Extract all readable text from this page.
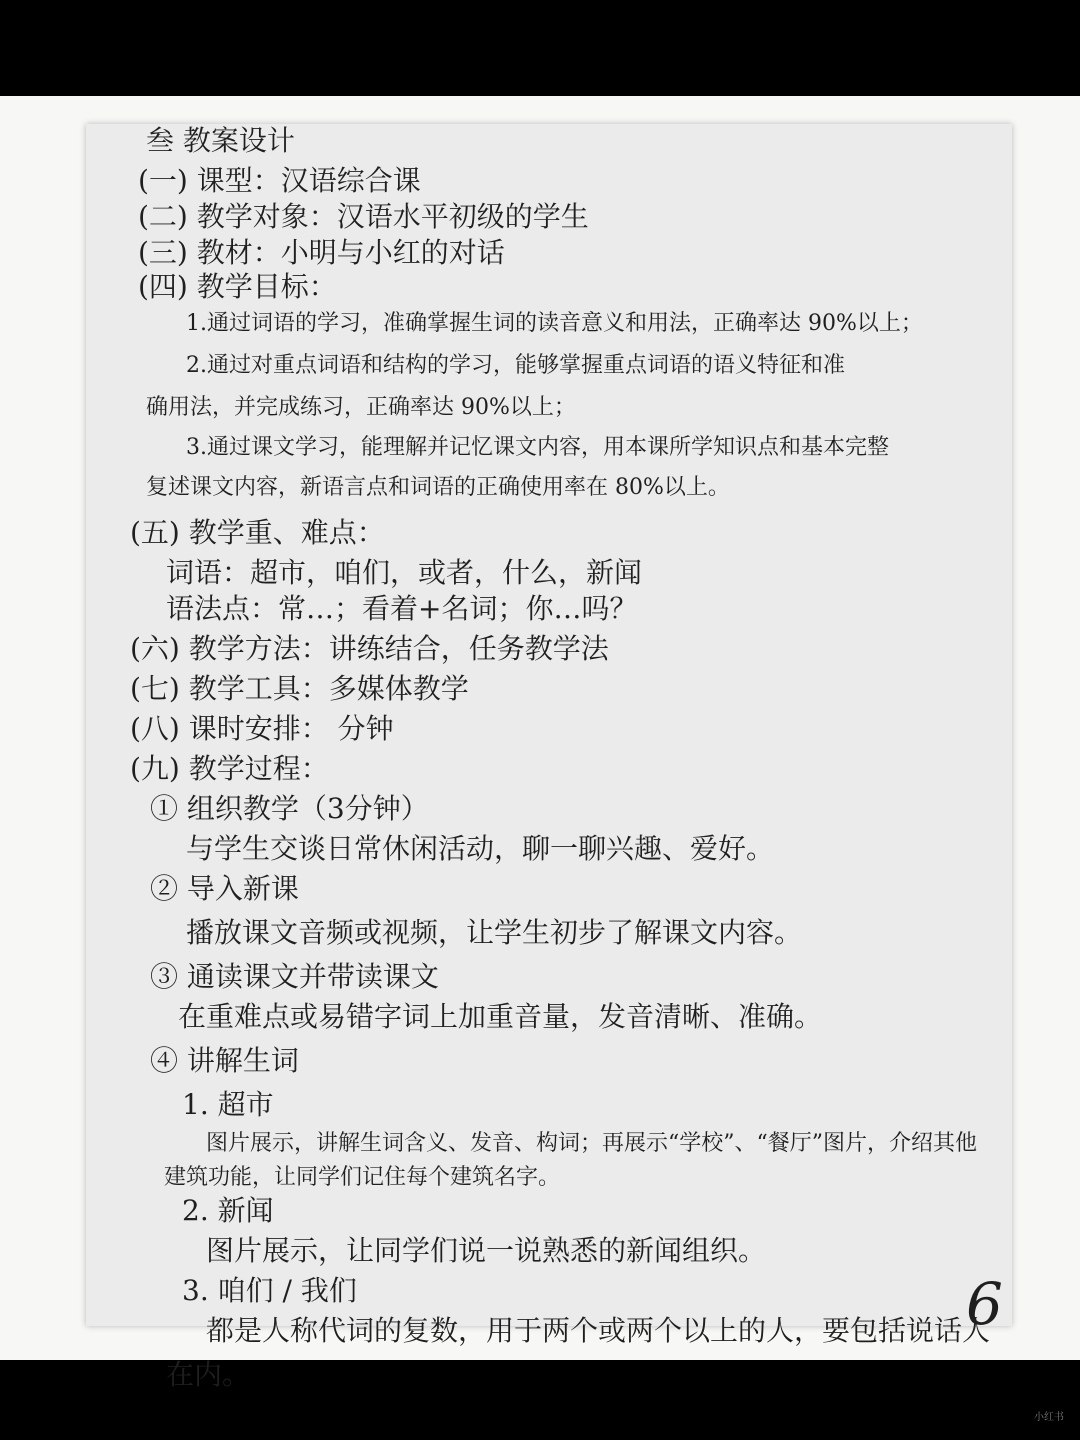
叁 教案设计
(一) 课型：汉语综合课
(二) 教学对象：汉语水平初级的学生
(三) 教材：小明与小红的对话
(四) 教学目标：
1.通过词语的学习，准确掌握生词的读音意义和用法，正确率达 90%以上；
2.通过对重点词语和结构的学习，能够掌握重点词语的语义特征和准
确用法，并完成练习，正确率达 90%以上；
3.通过课文学习，能理解并记忆课文内容，用本课所学知识点和基本完整
复述课文内容，新语言点和词语的正确使用率在 80%以上。
(五) 教学重、难点：
词语：超市，咱们，或者，什么，新闻
语法点：常…；看着+名词；你…吗？
(六) 教学方法：讲练结合，任务教学法
(七) 教学工具：多媒体教学
(八) 课时安排： 分钟
(九) 教学过程：
① 组织教学（3分钟）
与学生交谈日常休闲活动，聊一聊兴趣、爱好。
② 导入新课
播放课文音频或视频，让学生初步了解课文内容。
③ 通读课文并带读课文
在重难点或易错字词上加重音量，发音清晰、准确。
④ 讲解生词
1. 超市
图片展示，讲解生词含义、发音、构词；再展示“学校”、“餐厅”图片，介绍其他
建筑功能，让同学们记住每个建筑名字。
2. 新闻
图片展示，让同学们说一说熟悉的新闻组织。
3. 咱们 / 我们
都是人称代词的复数，用于两个或两个以上的人，要包括说话人
在内。
6
小红书
